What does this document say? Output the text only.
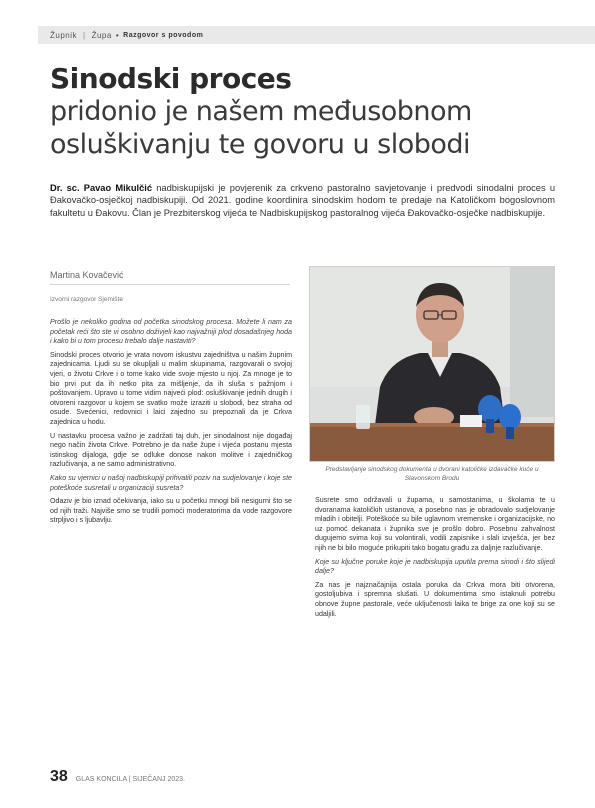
Župnik | Župa • Razgovor s povodom
Sinodski proces
pridonio je našem međusobnom
osluškivanju te govoru u slobodi
Dr. sc. Pavao Mikulčić nadbiskupijski je povjerenik za crkveno pastoralno savjetovanje i predvodi sinodalni proces u Đakovačko-osječkoj nadbiskupiji. Od 2021. godine koordinira sinodskim hodom te predaje na Katoličkom bogoslovnom fakultetu u Đakovu. Član je Prezbiterskog vijeća te Nadbiskupijskog pastoralnog vijeća Đakovačko-osječke nadbiskupije.
Martina Kovačević
Izvorni razgovor Sjemište

Prošlo je nekoliko godina od početka sinodskog procesa. Možete li nam za početak reći što ste vi osobno doživjeli kao najvažniji plod dosadašnjeg hoda i kako bi u tom procesu trebalo dalje nastaviti?

Sinodski proces otvorio je vrata novom iskustvu zajedništva u našim župnim zajednicama. Ljudi su se okupljali u malim skupinama, razgovarali o svojoj vjeri, o životu Crkve i o tome kako vide svoje mjesto u njoj. Za mnoge je to bio prvi put da ih netko pita za mišljenje, da ih sluša s pažnjom i poštovanjem. Upravo u tome vidim najveći plod: osluškivanje jednih drugih i otvoreni razgovor u kojem se svatko može izraziti u slobodi, bez straha od osude. Svećenici, redovnici i laici zajedno su prepoznali da je Crkva zajednica u hodu.

U nastavku procesa važno je zadržati taj duh, jer sinodalnost nije događaj nego način života Crkve. Potrebno je da naše župe i vijeća postanu mjesta istinskog dijaloga, gdje se odluke donose nakon molitve i zajedničkog razlučivanja, a ne samo administrativno.

Kako su vjernici u našoj nadbiskupiji prihvatili poziv na sudjelovanje i koje ste poteškoće susretali u organizaciji susreta?

Odaziv je bio iznad očekivanja, iako su u početku mnogi bili nesigurni što se od njih traži. Najviše smo se trudili pomoći moderatorima da vode razgovore strpljivo i s ljubavlju.

Predstavljanje sinodskog dokumenta u dvorani katoličke izdavačke kuće u Slavonskom Brodu

Susrete smo održavali u župama, u samostanima, u školama te u dvoranama katoličkih ustanova, a posebno nas je obradovalo sudjelovanje mladih i obitelji. Poteškoće su bile uglavnom vremenske i organizacijske, no uz pomoć dekanata i župnika sve je prošlo dobro. Posebnu zahvalnost dugujemo svima koji su volontirali, vodili zapisnike i slali izvješća, jer bez njih ne bi bilo moguće prikupiti tako bogatu građu za daljnje razlučivanje.

Koje su ključne poruke koje je nadbiskupija uputila prema sinodi i što slijedi dalje?

Za nas je najznačajnija ostala poruka da Crkva mora biti otvorena, gostoljubiva i spremna slušati. U dokumentima smo istaknuli potrebu obnove župne pastorale, veće uključenosti laika te brige za one koji su se udaljili.

38 GLAS KONCILA | SIJEČANJ 2023.
